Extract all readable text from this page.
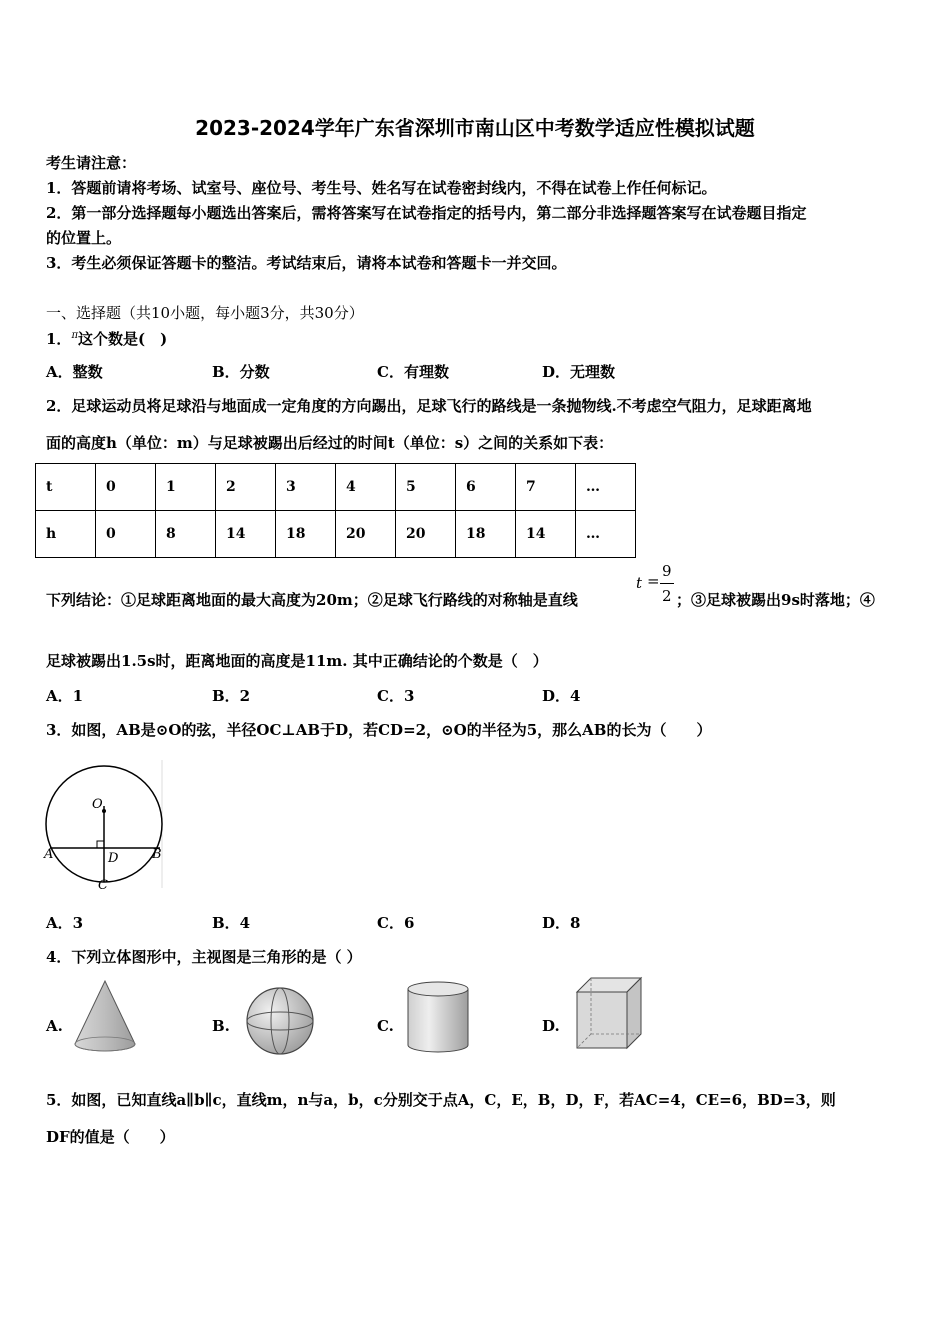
2023-2024学年广东省深圳市南山区中考数学适应性模拟试题
考生请注意：
1．答题前请将考场、试室号、座位号、考生号、姓名写在试卷密封线内，不得在试卷上作任何标记。
2．第一部分选择题每小题选出答案后，需将答案写在试卷指定的括号内，第二部分非选择题答案写在试卷题目指定
的位置上。
3．考生必须保证答题卡的整洁。考试结束后，请将本试卷和答题卡一并交回。
一、选择题（共10小题，每小题3分，共30分）
1．$^\pi$这个数是(　)
A．整数	B．分数	C．有理数	D．无理数
2．足球运动员将足球沿与地面成一定角度的方向踢出，足球飞行的路线是一条抛物线.不考虑空气阻力，足球距离地
面的高度h（单位：m）与足球被踢出后经过的时间t（单位：s）之间的关系如下表：
t	0	1	2	3	4	5	6	7	…
h	0	8	14	18	20	20	18	14	…
下列结论：①足球距离地面的最大高度为20m；②足球飞行路线的对称轴是直线
t =
9
2 ；③足球被踢出9s时落地；④
足球被踢出1.5s时，距离地面的高度是11m. 其中正确结论的个数是（　）
A．1	B．2	C．3	D．4
3．如图，AB是⊙O的弦，半径OC⊥AB于D，若CD=2，⊙O的半径为5，那么AB的长为（　　）
O
A	B
D
C
A．3	B．4	C．6	D．8
4．下列立体图形中，主视图是三角形的是（ ）
A.	B.	C.	D.
5．如图，已知直线a∥b∥c，直线m，n与a，b，c分别交于点A，C，E，B，D，F，若AC=4，CE=6，BD=3，则
DF的值是（　　）
